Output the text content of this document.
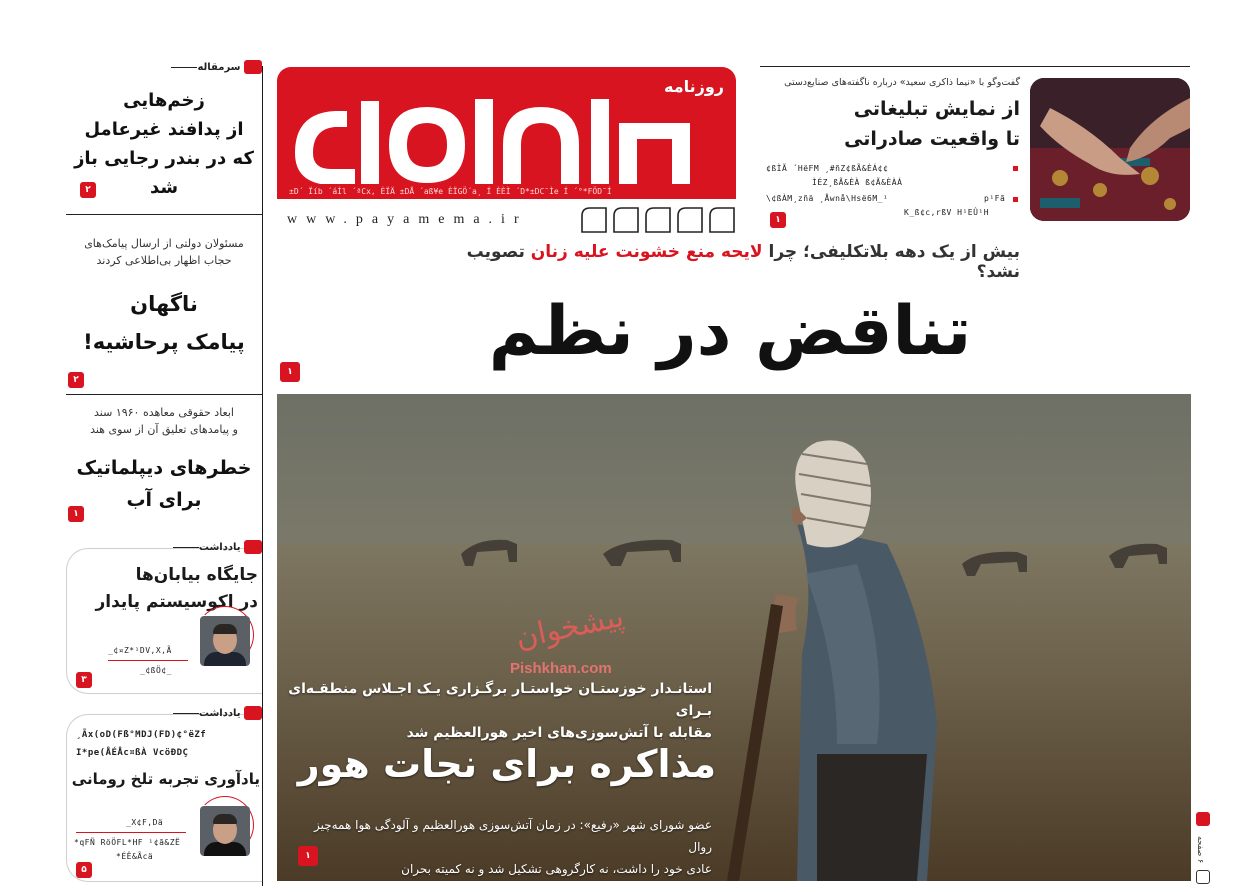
سرمقاله
زخم‌هایی
از پدافند غیرعامل
که در بندر رجایی باز شد
۲
مسئولان دولتی از ارسال پیامک‌های
حجاب اظهار بی‌اطلاعی کردند
ناگهان
پیامک پرحاشیه!
۲
ابعاد حقوقی معاهده ۱۹۶۰ سند
و پیامدهای تعلیق آن از سوی هند
خطرهای دیپلماتیک
برای آب
۱
یادداشت
جایگاه بیابان‌ها
در اکوسیستم پایدار
_¢¤Z*¹DV,X,Ã
_¢ßÖ¢_
۳
یادداشت
¸Ãx(oD(Fß°MDJ(FD)¢°ëZf
I*pe(ÅÉÅc¤ßÀ VcöÐDÇ
یادآوری تجربه تلخ رومانی
_X¢F,Dä
*qFÑ RöÖFL*HF ¹¢ã&ZË
*ÉÊ&Ãcä
۵
روزنامه
±D´ Ïíb ´áÌl ´ªCx, ÈÏÄ ±DÅ ´aß¥e ÈÏGÖ´a¸ Í ÈÈÌ ´D*±DC¯Ìe Í ´°*FÖD¯Í
www.payamema.ir
گفت‌وگو با «نیما ذاکری سعید» درباره ناگفته‌های صنایع‌دستی
از نمایش تبلیغاتی
تا واقعیت صادراتی
¢ßÌÃ ´HëFM ¸#ñZ¢ßÃ&ÈÁ¢¢
ÌÉZ¸ßÃ&ÈÀ ß¢Ã&ÈÀÁ
\¢ßÀM¸zñä ¸Åwnå\Hsë6M_¹	p¹Fã
K_ß¢c,rßV H¹EÛ¹H
۱
بیش از یک دهه بلاتکلیفی؛ چرا لایحه منع خشونت علیه زنان تصویب نشد؟
تناقض در نظم
۱
استانـدار خوزستـان خواستـار برگـزاری یـک اجـلاس منطقـه‌ای بـرای
مقابله با آتش‌سوزی‌های اخیر هورالعظیم شد
مذاکره برای نجات هور
عضو شورای شهر «رفیع»: در زمان آتش‌سوزی هورالعظیم و آلودگی هوا همه‌چیز روال
عادی خود را داشت، نه کارگروهی تشکیل شد و نه کمیته بحران
۱
پیشخوان
Pishkhan.com
۶ صفحه
